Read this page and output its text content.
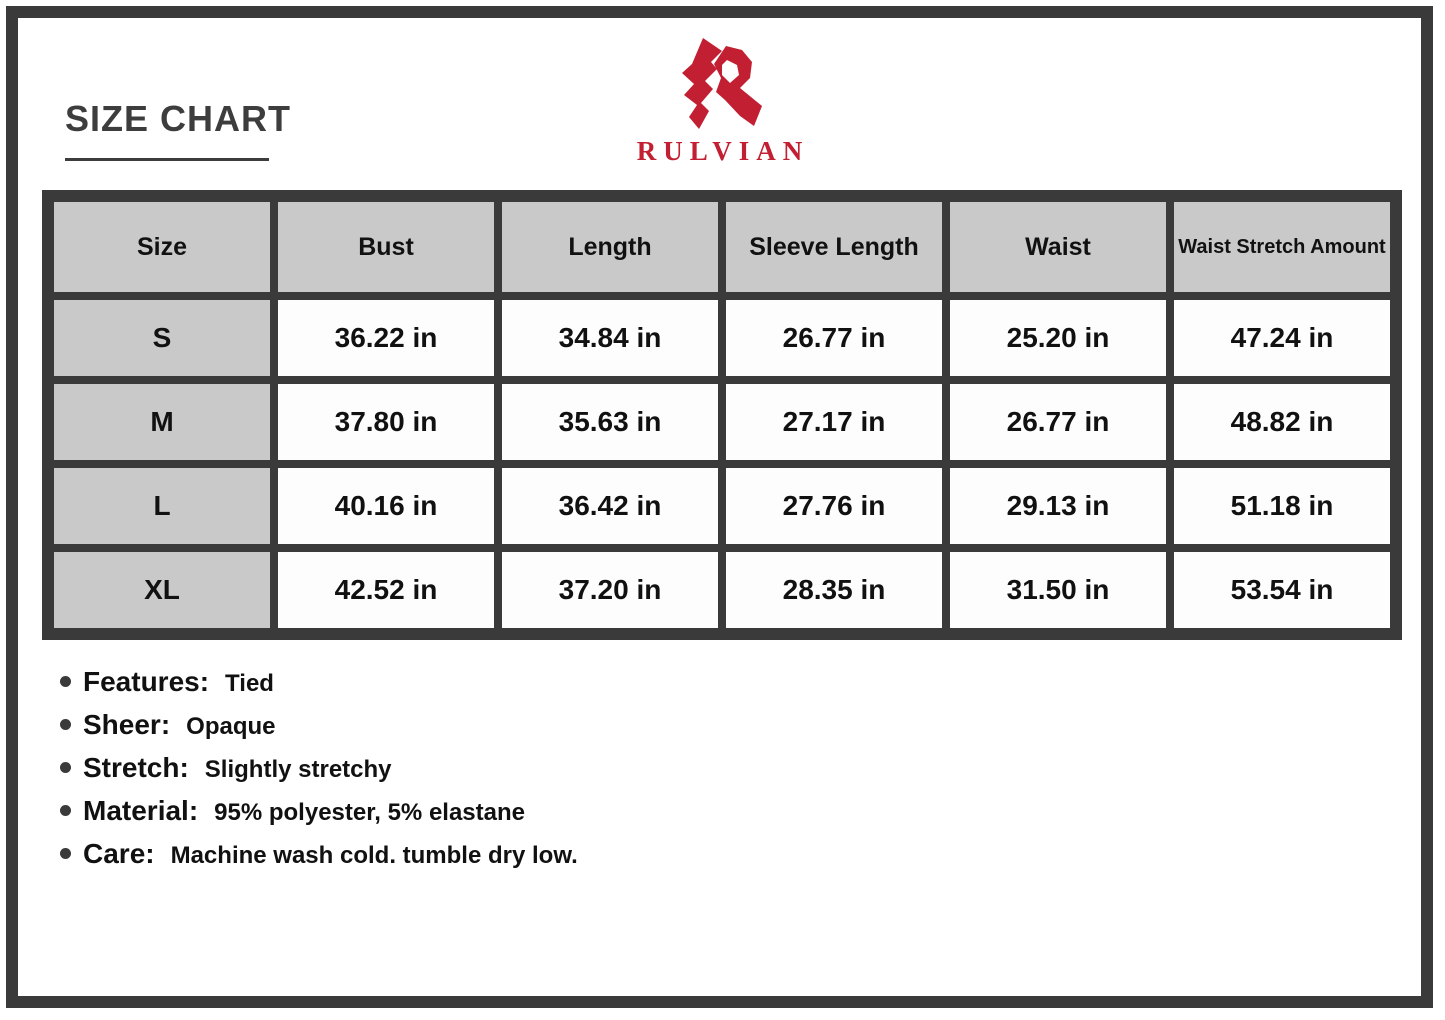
SIZE CHART
RULVIAN
Size	Bust	Length	Sleeve Length	Waist	Waist Stretch Amount
S	36.22 in	34.84 in	26.77 in	25.20 in	47.24 in
M	37.80 in	35.63 in	27.17 in	26.77 in	48.82 in
L	40.16 in	36.42 in	27.76 in	29.13 in	51.18 in
XL	42.52 in	37.20 in	28.35 in	31.50 in	53.54 in
Features: Tied
Sheer: Opaque
Stretch: Slightly stretchy
Material: 95% polyester, 5% elastane
Care: Machine wash cold. tumble dry low.
